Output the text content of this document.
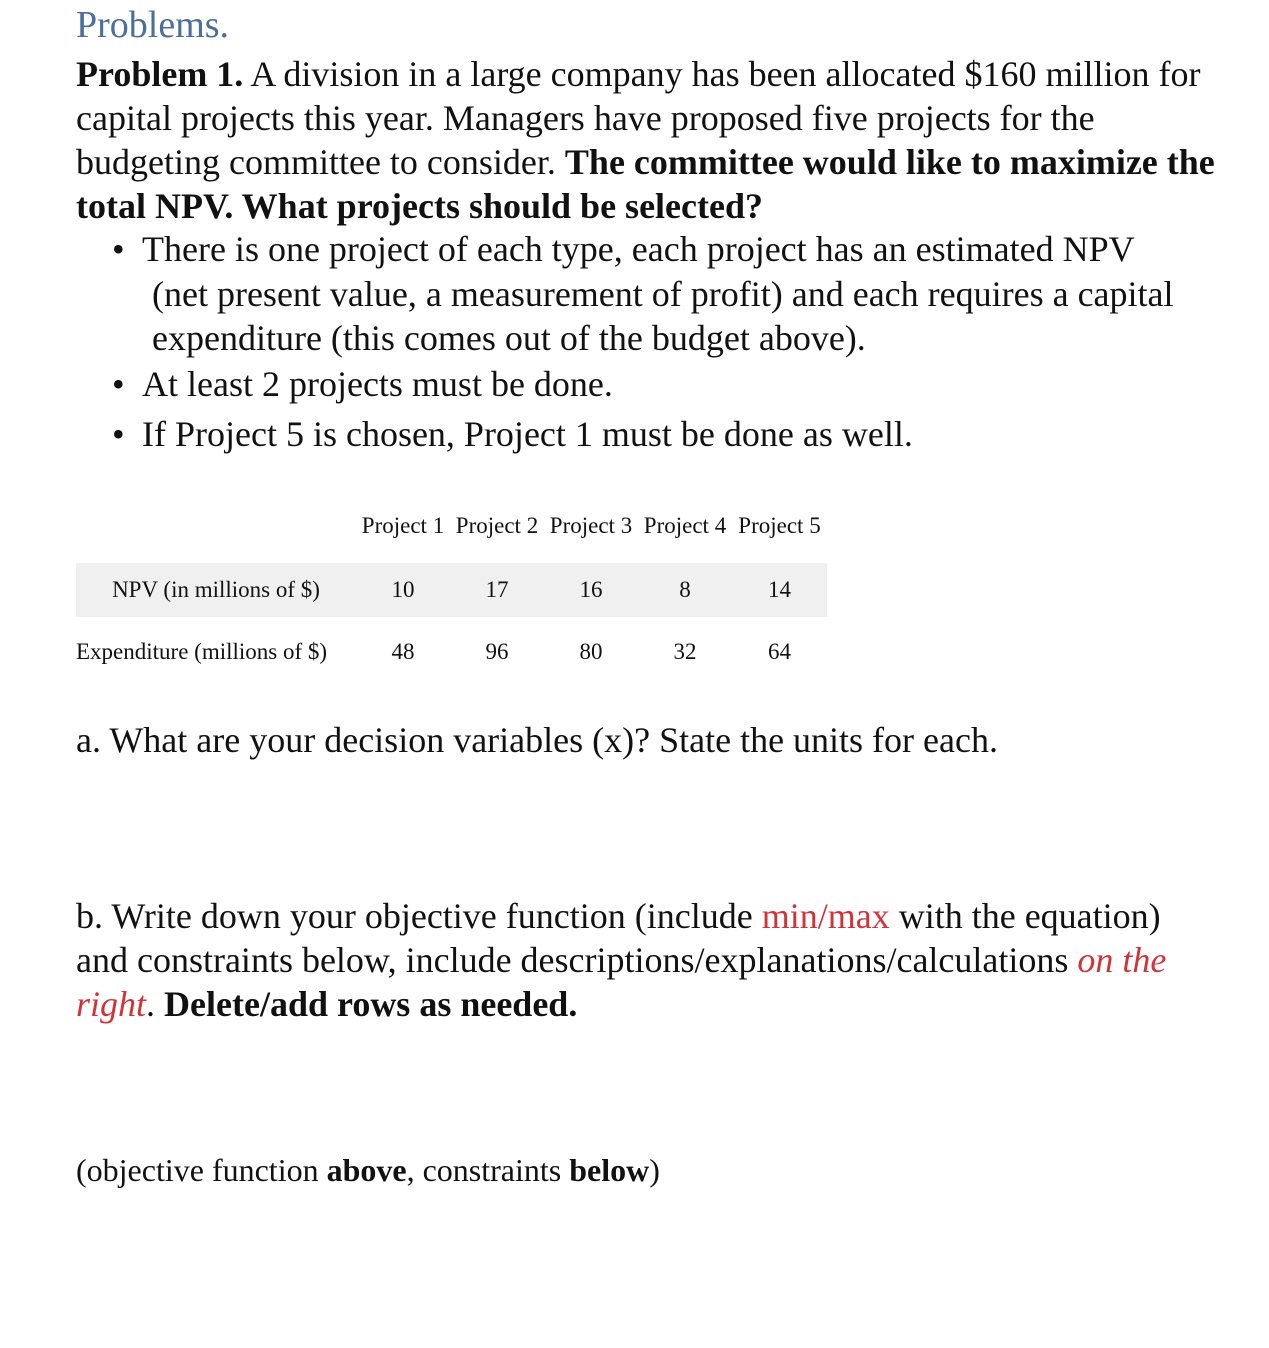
Problems.
Problem 1. A division in a large company has been allocated $160 million for capital projects this year. Managers have proposed five projects for the budgeting committee to consider. The committee would like to maximize the total NPV. What projects should be selected?
• There is one project of each type, each project has an estimated NPV
(net present value, a measurement of profit) and each requires a capital expenditure (this comes out of the budget above).
• At least 2 projects must be done.
• If Project 5 is chosen, Project 1 must be done as well.
Project 1 Project 2 Project 3 Project 4 Project 5
NPV (in millions of $)	10	17	16	8	14
Expenditure (millions of $)	48	96	80	32	64
a. What are your decision variables (x)? State the units for each.
b. Write down your objective function (include min/max with the equation) and constraints below, include descriptions/explanations/calculations on the right. Delete/add rows as needed.
(objective function above, constraints below)
